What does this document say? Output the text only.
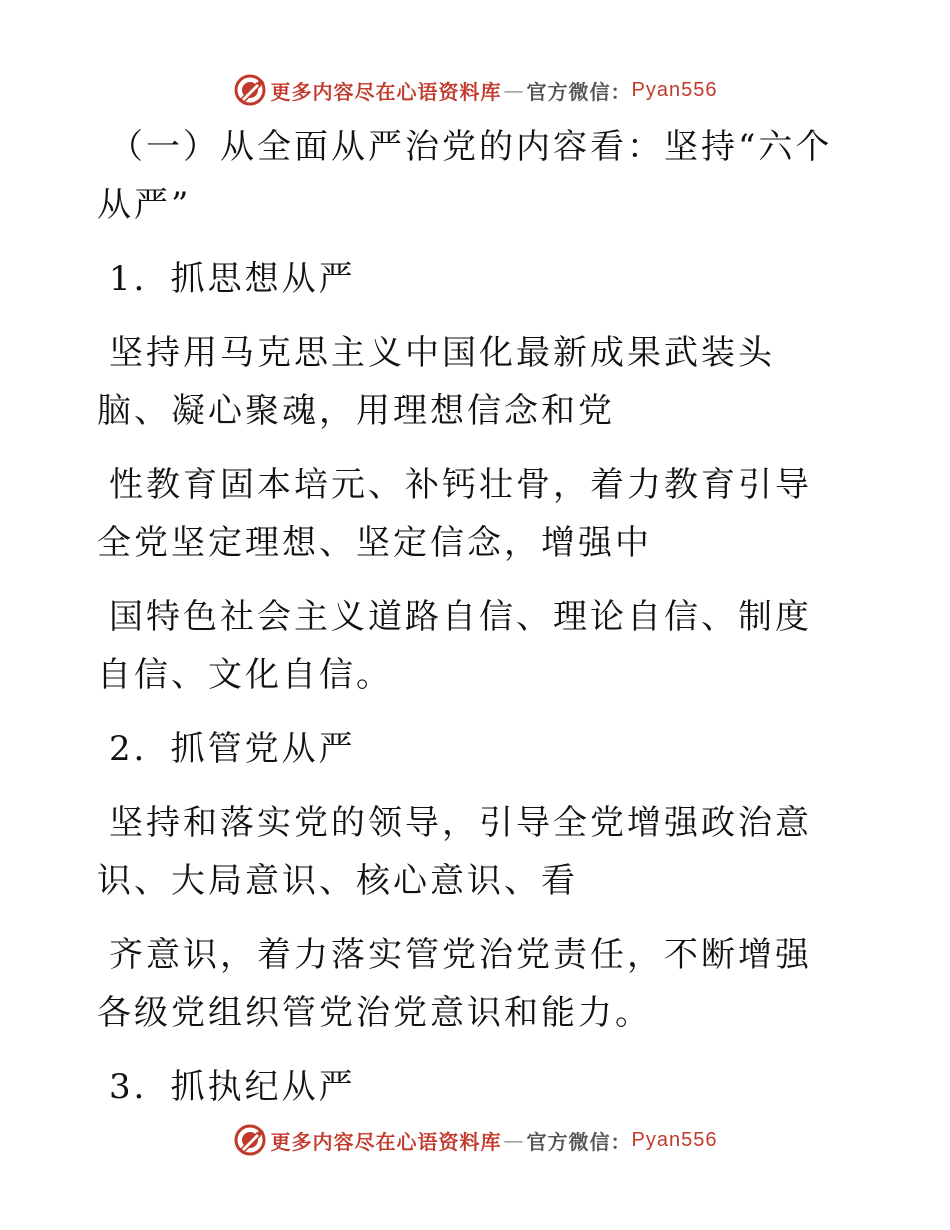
更多内容尽在心语资料库 — 官方微信： Pyan556

（一）从全面从严治党的内容看：坚持“六个从严”

1．抓思想从严

坚持用马克思主义中国化最新成果武装头脑、凝心聚魂，用理想信念和党

性教育固本培元、补钙壮骨，着力教育引导全党坚定理想、坚定信念，增强中

国特色社会主义道路自信、理论自信、制度自信、文化自信。

2．抓管党从严

坚持和落实党的领导，引导全党增强政治意识、大局意识、核心意识、看

齐意识，着力落实管党治党责任，不断增强各级党组织管党治党意识和能力。

3．抓执纪从严

更多内容尽在心语资料库 — 官方微信： Pyan556
